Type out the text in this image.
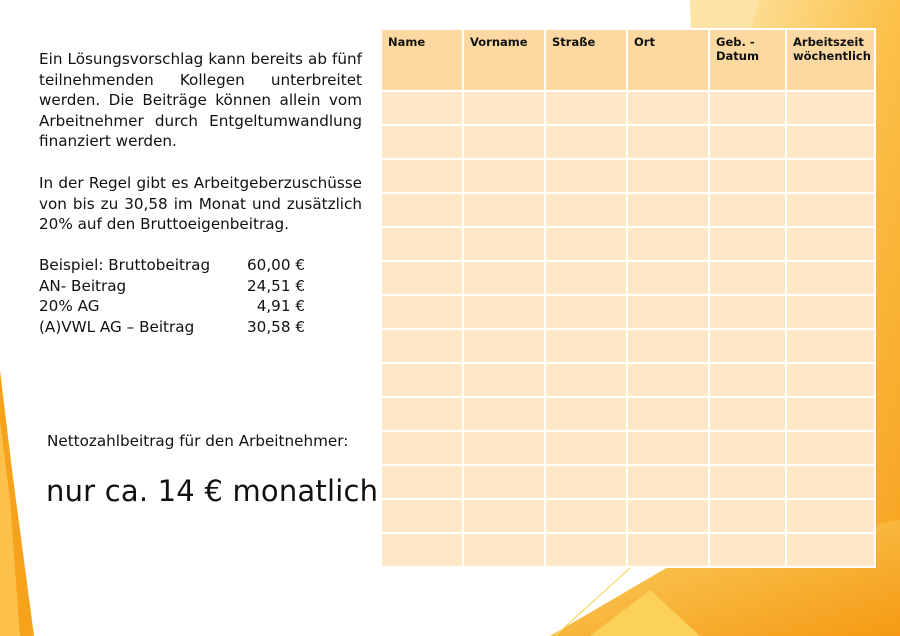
Ein Lösungsvorschlag kann bereits ab fünf teilnehmenden Kollegen unterbreitet werden. Die Beiträge können allein vom Arbeitnehmer durch Entgeltumwandlung finanziert werden.

In der Regel gibt es Arbeitgeberzuschüsse von bis zu 30,58 im Monat und zusätzlich 20% auf den Bruttoeigenbeitrag.

Beispiel: Bruttobeitrag	60,00 €
AN- Beitrag	24,51 €
20% AG	4,91 €
(A)VWL AG – Beitrag	30,58 €
Nettozahlbeitrag für den Arbeitnehmer:
nur ca. 14 € monatlich
Name	Vorname	Straße	Ort	Geb. - Datum	Arbeitszeit wöchentlich
